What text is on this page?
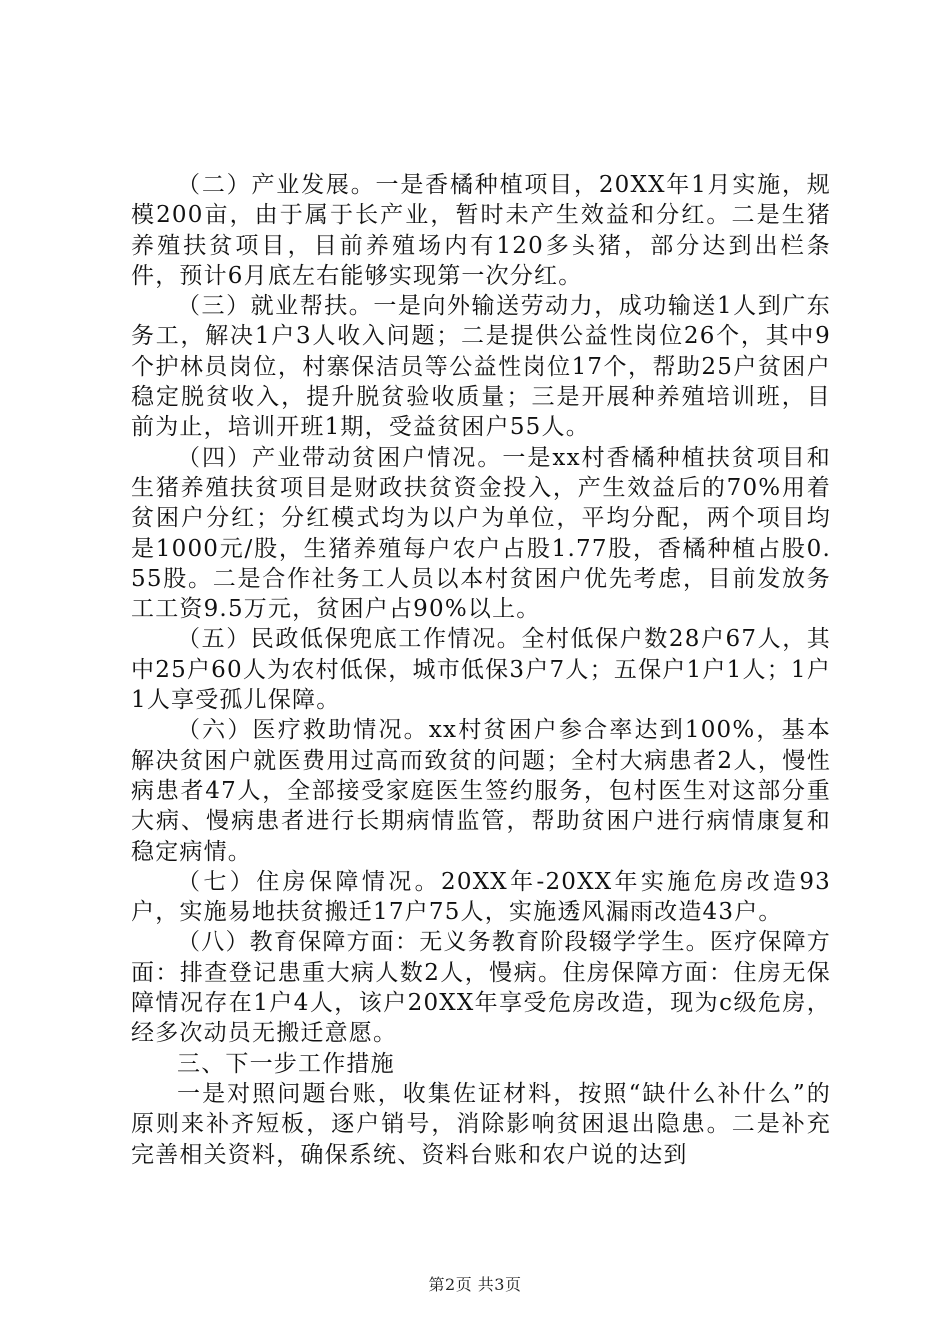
（二）产业发展。一是香橘种植项目，20XX年1月实施，规模200亩，由于属于长产业，暂时未产生效益和分红。二是生猪养殖扶贫项目，目前养殖场内有120多头猪，部分达到出栏条件，预计6月底左右能够实现第一次分红。

（三）就业帮扶。一是向外输送劳动力，成功输送1人到广东务工，解决1户3人收入问题；二是提供公益性岗位26个，其中9个护林员岗位，村寨保洁员等公益性岗位17个，帮助25户贫困户稳定脱贫收入，提升脱贫验收质量；三是开展种养殖培训班，目前为止，培训开班1期，受益贫困户55人。

（四）产业带动贫困户情况。一是xx村香橘种植扶贫项目和生猪养殖扶贫项目是财政扶贫资金投入，产生效益后的70%用着贫困户分红；分红模式均为以户为单位，平均分配，两个项目均是1000元/股，生猪养殖每户农户占股1.77股，香橘种植占股0.55股。二是合作社务工人员以本村贫困户优先考虑，目前发放务工工资9.5万元，贫困户占90%以上。

（五）民政低保兜底工作情况。全村低保户数28户67人，其中25户60人为农村低保，城市低保3户7人；五保户1户1人；1户1人享受孤儿保障。

（六）医疗救助情况。xx村贫困户参合率达到100%，基本解决贫困户就医费用过高而致贫的问题；全村大病患者2人，慢性病患者47人，全部接受家庭医生签约服务，包村医生对这部分重大病、慢病患者进行长期病情监管，帮助贫困户进行病情康复和稳定病情。

（七）住房保障情况。20XX年-20XX年实施危房改造93户，实施易地扶贫搬迁17户75人，实施透风漏雨改造43户。

（八）教育保障方面：无义务教育阶段辍学学生。医疗保障方面：排查登记患重大病人数2人，慢病。住房保障方面：住房无保障情况存在1户4人，该户20XX年享受危房改造，现为c级危房，经多次动员无搬迁意愿。

三、下一步工作措施

一是对照问题台账，收集佐证材料，按照“缺什么补什么”的原则来补齐短板，逐户销号，消除影响贫困退出隐患。二是补充完善相关资料，确保系统、资料台账和农户说的达到

第2页 共3页
